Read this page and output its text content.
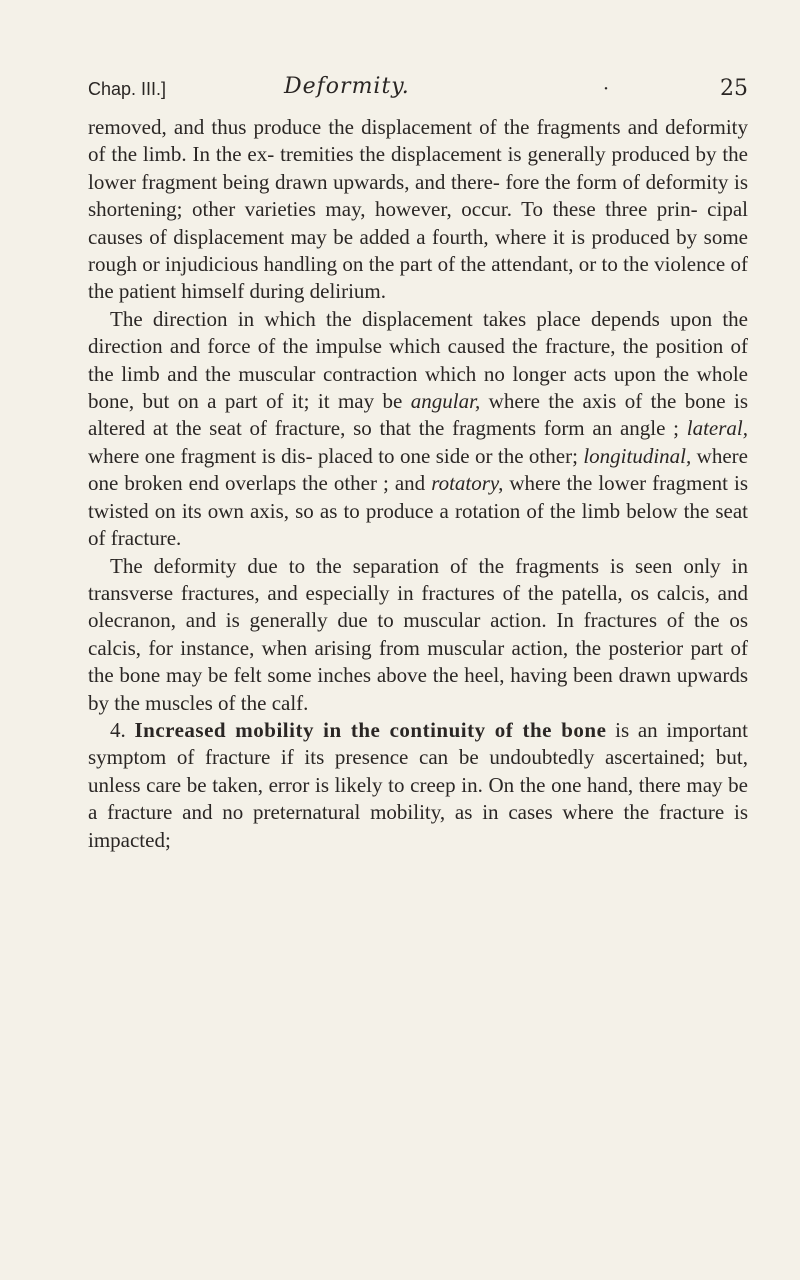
Chap. III.]	Deformity.	·	25

removed, and thus produce the displacement of the fragments and deformity of the limb. In the ex- tremities the displacement is generally produced by the lower fragment being drawn upwards, and there- fore the form of deformity is shortening; other varieties may, however, occur. To these three prin- cipal causes of displacement may be added a fourth, where it is produced by some rough or injudicious handling on the part of the attendant, or to the violence of the patient himself during delirium.

The direction in which the displacement takes place depends upon the direction and force of the impulse which caused the fracture, the position of the limb and the muscular contraction which no longer acts upon the whole bone, but on a part of it; it may be angular, where the axis of the bone is altered at the seat of fracture, so that the fragments form an angle ; lateral, where one fragment is dis- placed to one side or the other; longitudinal, where one broken end overlaps the other ; and rotatory, where the lower fragment is twisted on its own axis, so as to produce a rotation of the limb below the seat of fracture.

The deformity due to the separation of the fragments is seen only in transverse fractures, and especially in fractures of the patella, os calcis, and olecranon, and is generally due to muscular action. In fractures of the os calcis, for instance, when arising from muscular action, the posterior part of the bone may be felt some inches above the heel, having been drawn upwards by the muscles of the calf.

4. Increased mobility in the continuity of the bone is an important symptom of fracture if its presence can be undoubtedly ascertained; but, unless care be taken, error is likely to creep in. On the one hand, there may be a fracture and no preternatural mobility, as in cases where the fracture is impacted;
